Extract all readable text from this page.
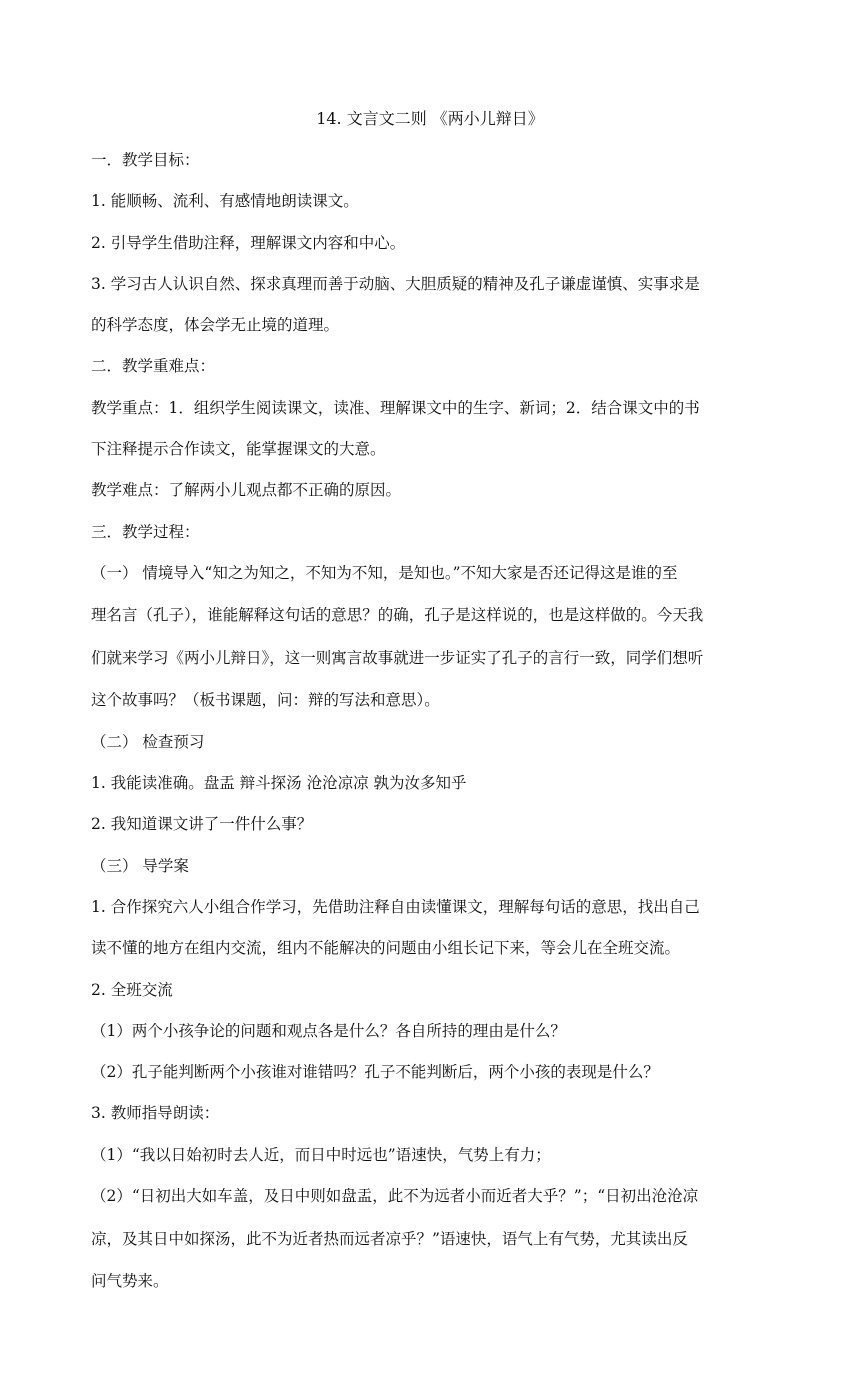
14. 文言文二则 《两小儿辩日》
一．教学目标：
1. 能顺畅、流利、有感情地朗读课文。
2. 引导学生借助注释，理解课文内容和中心。
3. 学习古人认识自然、探求真理而善于动脑、大胆质疑的精神及孔子谦虚谨慎、实事求是
的科学态度，体会学无止境的道理。
二．教学重难点：
教学重点：1．组织学生阅读课文，读准、理解课文中的生字、新词；2．结合课文中的书
下注释提示合作读文，能掌握课文的大意。
教学难点：了解两小儿观点都不正确的原因。
三．教学过程：
（一） 情境导入“知之为知之，不知为不知，是知也。”不知大家是否还记得这是谁的至
理名言（孔子），谁能解释这句话的意思？的确，孔子是这样说的，也是这样做的。今天我
们就来学习《两小儿辩日》，这一则寓言故事就进一步证实了孔子的言行一致，同学们想听
这个故事吗？（板书课题，问：辩的写法和意思）。
（二） 检查预习
1. 我能读准确。盘盂 辩斗探汤 沧沧凉凉 孰为汝多知乎
2. 我知道课文讲了一件什么事？
（三） 导学案
1. 合作探究六人小组合作学习，先借助注释自由读懂课文，理解每句话的意思，找出自己
读不懂的地方在组内交流，组内不能解决的问题由小组长记下来，等会儿在全班交流。
2. 全班交流
（1）两个小孩争论的问题和观点各是什么？各自所持的理由是什么？
（2）孔子能判断两个小孩谁对谁错吗？孔子不能判断后，两个小孩的表现是什么？
3. 教师指导朗读：
（1）“我以日始初时去人近，而日中时远也”语速快，气势上有力；
（2）“日初出大如车盖，及日中则如盘盂，此不为远者小而近者大乎？”；“日初出沧沧凉
凉，及其日中如探汤，此不为近者热而远者凉乎？”语速快，语气上有气势，尤其读出反
问气势来。
